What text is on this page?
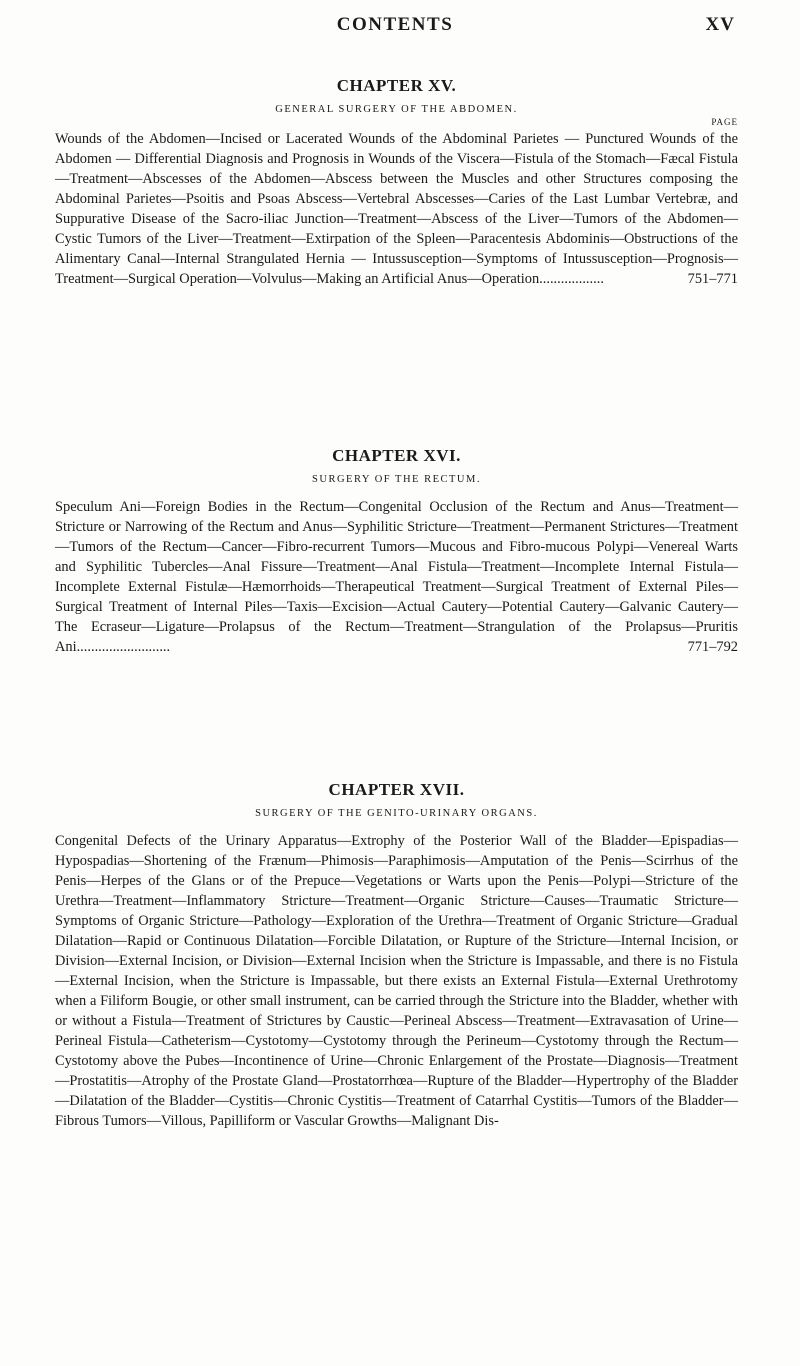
CONTENTS	XV
CHAPTER XV.
GENERAL SURGERY OF THE ABDOMEN.
PAGE
Wounds of the Abdomen—Incised or Lacerated Wounds of the Abdominal Parietes — Punctured Wounds of the Abdomen — Differential Diagnosis and Prognosis in Wounds of the Viscera—Fistula of the Stomach—Fæcal Fistula—Treatment—Abscesses of the Abdomen—Abscess between the Muscles and other Structures composing the Abdominal Parietes—Psoitis and Psoas Abscess—Vertebral Abscesses—Caries of the Last Lumbar Vertebræ, and Suppurative Disease of the Sacro-iliac Junction—Treatment—Abscess of the Liver—Tumors of the Abdomen—Cystic Tumors of the Liver—Treatment—Extirpation of the Spleen—Paracentesis Abdominis—Obstructions of the Alimentary Canal—Internal Strangulated Hernia — Intussusception—Symptoms of Intussusception—Prognosis—Treatment—Surgical Operation—Volvulus—Making an Artificial Anus—Operation..................	751–771
CHAPTER XVI.
SURGERY OF THE RECTUM.
Speculum Ani—Foreign Bodies in the Rectum—Congenital Occlusion of the Rectum and Anus—Treatment—Stricture or Narrowing of the Rectum and Anus—Syphilitic Stricture—Treatment—Permanent Strictures—Treatment—Tumors of the Rectum—Cancer—Fibro-recurrent Tumors—Mucous and Fibro-mucous Polypi—Venereal Warts and Syphilitic Tubercles—Anal Fissure—Treatment—Anal Fistula—Treatment—Incomplete Internal Fistula—Incomplete External Fistulæ—Hæmorrhoids—Therapeutical Treatment—Surgical Treatment of External Piles—Surgical Treatment of Internal Piles—Taxis—Excision—Actual Cautery—Potential Cautery—Galvanic Cautery—The Ecraseur—Ligature—Prolapsus of the Rectum—Treatment—Strangulation of the Prolapsus—Pruritis Ani..........................	771–792
CHAPTER XVII.
SURGERY OF THE GENITO-URINARY ORGANS.
Congenital Defects of the Urinary Apparatus—Extrophy of the Posterior Wall of the Bladder—Epispadias—Hypospadias—Shortening of the Frænum—Phimosis—Paraphimosis—Amputation of the Penis—Scirrhus of the Penis—Herpes of the Glans or of the Prepuce—Vegetations or Warts upon the Penis—Polypi—Stricture of the Urethra—Treatment—Inflammatory Stricture—Treatment—Organic Stricture—Causes—Traumatic Stricture—Symptoms of Organic Stricture—Pathology—Exploration of the Urethra—Treatment of Organic Stricture—Gradual Dilatation—Rapid or Continuous Dilatation—Forcible Dilatation, or Rupture of the Stricture—Internal Incision, or Division—External Incision, or Division—External Incision when the Stricture is Impassable, and there is no Fistula—External Incision, when the Stricture is Impassable, but there exists an External Fistula—External Urethrotomy when a Filiform Bougie, or other small instrument, can be carried through the Stricture into the Bladder, whether with or without a Fistula—Treatment of Strictures by Caustic—Perineal Abscess—Treatment—Extravasation of Urine—Perineal Fistula—Catheterism—Cystotomy—Cystotomy through the Perineum—Cystotomy through the Rectum—Cystotomy above the Pubes—Incontinence of Urine—Chronic Enlargement of the Prostate—Diagnosis—Treatment—Prostatitis—Atrophy of the Prostate Gland—Prostatorrhœa—Rupture of the Bladder—Hypertrophy of the Bladder—Dilatation of the Bladder—Cystitis—Chronic Cystitis—Treatment of Catarrhal Cystitis—Tumors of the Bladder—Fibrous Tumors—Villous, Papilliform or Vascular Growths—Malignant Dis-
